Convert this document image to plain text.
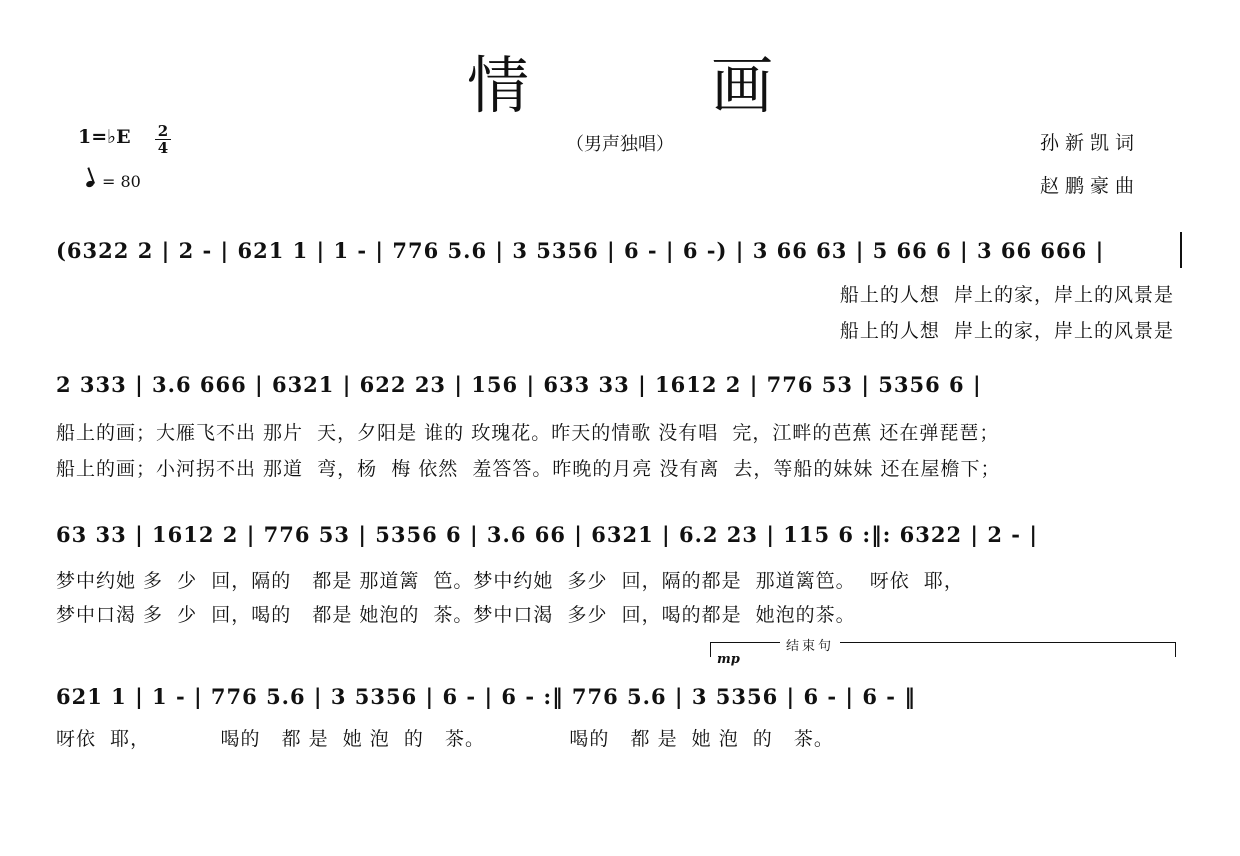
情　画
1=♭E 2
4
= 80
（男声独唱）	孙新凯词
赵鹏豪曲
(6322 2 | 2 - | 621 1 | 1 - | 776 5.6 | 3 5356 | 6 - | 6 -) | 3 66 63 | 5 66 6 | 3 66 666 |
船上的人想  岸上的家，岸上的风景是
船上的人想  岸上的家，岸上的风景是
2 333 | 3.6 666 | 6321 | 622 23 | 156 | 633 33 | 1612 2 | 776 53 | 5356 6 |
船上的画；大雁飞不出 那片  天，夕阳是 谁的 玫瑰花。昨天的情歌 没有唱  完，江畔的芭蕉 还在弹琵琶；
船上的画；小河拐不出 那道  弯，杨  梅 依然  羞答答。昨晚的月亮 没有离  去，等船的妹妹 还在屋檐下；
63 33 | 1612 2 | 776 53 | 5356 6 | 3.6 66 | 6321 | 6.2 23 | 115 6 :‖: 6322 | 2 - |
梦中约她 多  少  回，隔的   都是 那道篱  笆。梦中约她  多少  回，隔的都是  那道篱笆。  呀依  耶，
梦中口渴 多  少  回，喝的   都是 她泡的  茶。梦中口渴  多少  回，喝的都是  她泡的茶。
结束句
mp
621 1 | 1 - | 776 5.6 | 3 5356 | 6 - | 6 - :‖ 776 5.6 | 3 5356 | 6 - | 6 - ‖
呀依  耶，          喝的   都 是  她 泡  的   茶。            喝的   都 是  她 泡  的   茶。
